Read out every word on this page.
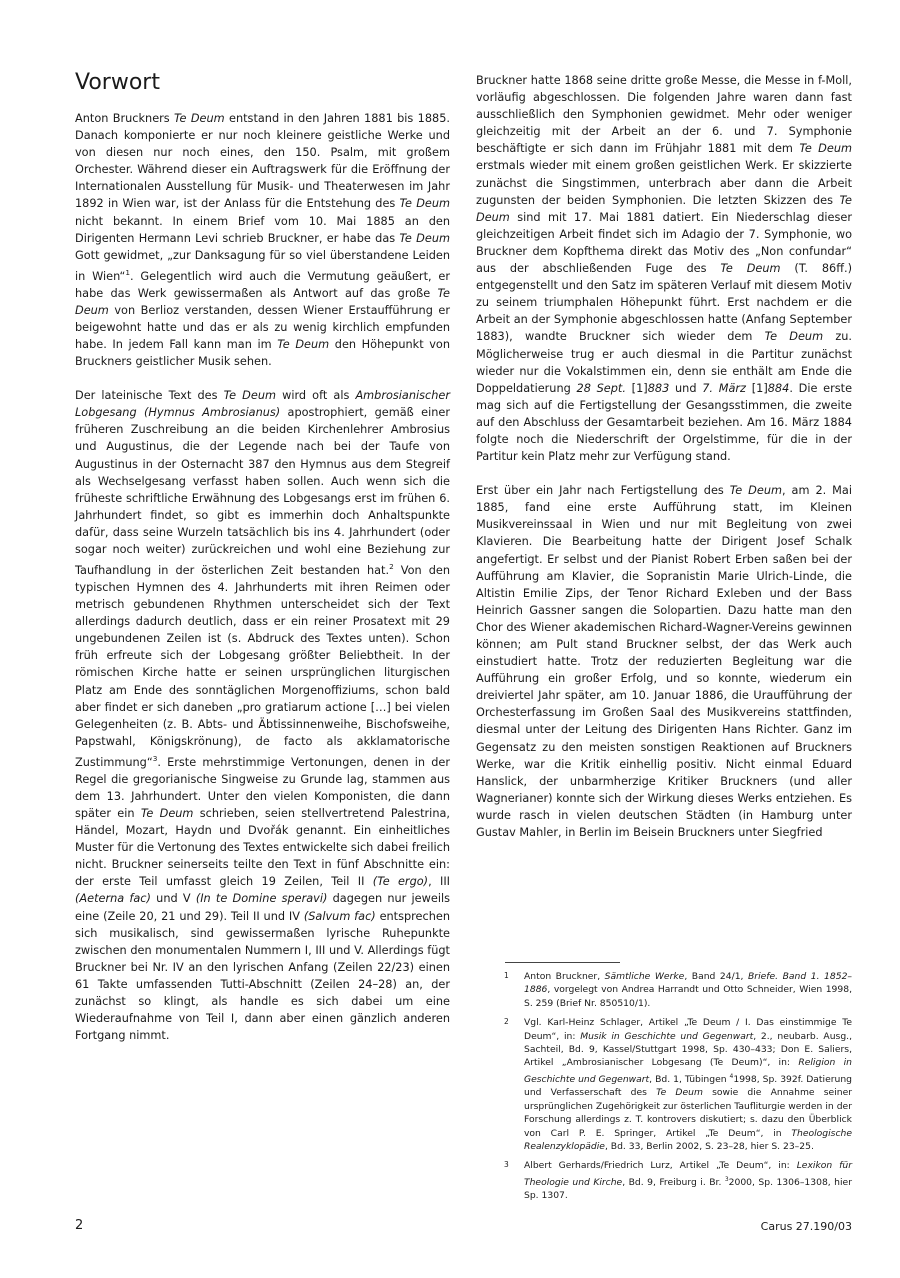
Vorwort

Anton Bruckners Te Deum entstand in den Jahren 1881 bis 1885. Danach komponierte er nur noch kleinere geistliche Werke und von diesen nur noch eines, den 150. Psalm, mit großem Orchester. Während dieser ein Auftragswerk für die Eröffnung der Internationalen Ausstellung für Musik- und Theaterwesen im Jahr 1892 in Wien war, ist der Anlass für die Entstehung des Te Deum nicht bekannt. In einem Brief vom 10. Mai 1885 an den Dirigenten Hermann Levi schrieb Bruckner, er habe das Te Deum Gott gewidmet, „zur Danksagung für so viel überstandene Leiden in Wien“$^1$. Gelegentlich wird auch die Vermutung geäußert, er habe das Werk gewissermaßen als Antwort auf das große Te Deum von Berlioz verstanden, dessen Wiener Erstaufführung er beigewohnt hatte und das er als zu wenig kirchlich empfunden habe. In jedem Fall kann man im Te Deum den Höhepunkt von Bruckners geistlicher Musik sehen.

Der lateinische Text des Te Deum wird oft als Ambrosianischer Lobgesang (Hymnus Ambrosianus) apostrophiert, gemäß einer früheren Zuschreibung an die beiden Kirchenlehrer Ambrosius und Augustinus, die der Legende nach bei der Taufe von Augustinus in der Osternacht 387 den Hymnus aus dem Stegreif als Wechselgesang verfasst haben sollen. Auch wenn sich die früheste schriftliche Erwähnung des Lobgesangs erst im frühen 6. Jahrhundert findet, so gibt es immerhin doch Anhaltspunkte dafür, dass seine Wurzeln tatsächlich bis ins 4. Jahrhundert (oder sogar noch weiter) zurückreichen und wohl eine Beziehung zur Taufhandlung in der österlichen Zeit bestanden hat.$^2$ Von den typischen Hymnen des 4. Jahrhunderts mit ihren Reimen oder metrisch gebundenen Rhythmen unterscheidet sich der Text allerdings dadurch deutlich, dass er ein reiner Prosatext mit 29 ungebundenen Zeilen ist (s. Abdruck des Textes unten). Schon früh erfreute sich der Lobgesang größter Beliebtheit. In der römischen Kirche hatte er seinen ursprünglichen liturgischen Platz am Ende des sonntäglichen Morgenoffiziums, schon bald aber findet er sich daneben „pro gratiarum actione […] bei vielen Gelegenheiten (z. B. Abts- und Äbtissinnenweihe, Bischofsweihe, Papstwahl, Königskrönung), de facto als akklamatorische Zustimmung“$^3$. Erste mehrstimmige Vertonungen, denen in der Regel die gregorianische Singweise zu Grunde lag, stammen aus dem 13. Jahrhundert. Unter den vielen Komponisten, die dann später ein Te Deum schrieben, seien stellvertretend Palestrina, Händel, Mozart, Haydn und Dvořák genannt. Ein einheitliches Muster für die Vertonung des Textes entwickelte sich dabei freilich nicht. Bruckner seinerseits teilte den Text in fünf Abschnitte ein: der erste Teil umfasst gleich 19 Zeilen, Teil II (Te ergo), III (Aeterna fac) und V (In te Domine speravi) dagegen nur jeweils eine (Zeile 20, 21 und 29). Teil II und IV (Salvum fac) entsprechen sich musikalisch, sind gewissermaßen lyrische Ruhepunkte zwischen den monumentalen Nummern I, III und V. Allerdings fügt Bruckner bei Nr. IV an den lyrischen Anfang (Zeilen 22/23) einen 61 Takte umfassenden Tutti-Abschnitt (Zeilen 24–28) an, der zunächst so klingt, als handle es sich dabei um eine Wiederaufnahme von Teil I, dann aber einen gänzlich anderen Fortgang nimmt.

Bruckner hatte 1868 seine dritte große Messe, die Messe in f-Moll, vorläufig abgeschlossen. Die folgenden Jahre waren dann fast ausschließlich den Symphonien gewidmet. Mehr oder weniger gleichzeitig mit der Arbeit an der 6. und 7. Symphonie beschäftigte er sich dann im Frühjahr 1881 mit dem Te Deum erstmals wieder mit einem großen geistlichen Werk. Er skizzierte zunächst die Singstimmen, unterbrach aber dann die Arbeit zugunsten der beiden Symphonien. Die letzten Skizzen des Te Deum sind mit 17. Mai 1881 datiert. Ein Niederschlag dieser gleichzeitigen Arbeit findet sich im Adagio der 7. Symphonie, wo Bruckner dem Kopfthema direkt das Motiv des „Non confundar“ aus der abschließenden Fuge des Te Deum (T. 86ff.) entgegenstellt und den Satz im späteren Verlauf mit diesem Motiv zu seinem triumphalen Höhepunkt führt. Erst nachdem er die Arbeit an der Symphonie abgeschlossen hatte (Anfang September 1883), wandte Bruckner sich wieder dem Te Deum zu. Möglicherweise trug er auch diesmal in die Partitur zunächst wieder nur die Vokalstimmen ein, denn sie enthält am Ende die Doppeldatierung 28 Sept. [1]883 und 7. März [1]884. Die erste mag sich auf die Fertigstellung der Gesangsstimmen, die zweite auf den Abschluss der Gesamtarbeit beziehen. Am 16. März 1884 folgte noch die Niederschrift der Orgelstimme, für die in der Partitur kein Platz mehr zur Verfügung stand.

Erst über ein Jahr nach Fertigstellung des Te Deum, am 2. Mai 1885, fand eine erste Aufführung statt, im Kleinen Musikvereinssaal in Wien und nur mit Begleitung von zwei Klavieren. Die Bearbeitung hatte der Dirigent Josef Schalk angefertigt. Er selbst und der Pianist Robert Erben saßen bei der Aufführung am Klavier, die Sopranistin Marie Ulrich-Linde, die Altistin Emilie Zips, der Tenor Richard Exleben und der Bass Heinrich Gassner sangen die Solopartien. Dazu hatte man den Chor des Wiener akademischen Richard-Wagner-Vereins gewinnen können; am Pult stand Bruckner selbst, der das Werk auch einstudiert hatte. Trotz der reduzierten Begleitung war die Aufführung ein großer Erfolg, und so konnte, wiederum ein dreiviertel Jahr später, am 10. Januar 1886, die Uraufführung der Orchesterfassung im Großen Saal des Musikvereins stattfinden, diesmal unter der Leitung des Dirigenten Hans Richter. Ganz im Gegensatz zu den meisten sonstigen Reaktionen auf Bruckners Werke, war die Kritik einhellig positiv. Nicht einmal Eduard Hanslick, der unbarmherzige Kritiker Bruckners (und aller Wagnerianer) konnte sich der Wirkung dieses Werks entziehen. Es wurde rasch in vielen deutschen Städten (in Hamburg unter Gustav Mahler, in Berlin im Beisein Bruckners unter Siegfried

1	Anton Bruckner, Sämtliche Werke, Band 24/1, Briefe. Band 1. 1852–1886, vorgelegt von Andrea Harrandt und Otto Schneider, Wien 1998, S. 259 (Brief Nr. 850510/1).
2	Vgl. Karl-Heinz Schlager, Artikel „Te Deum / I. Das einstimmige Te Deum“, in: Musik in Geschichte und Gegenwart, 2., neubarb. Ausg., Sachteil, Bd. 9, Kassel/Stuttgart 1998, Sp. 430–433; Don E. Saliers, Artikel „Ambrosianischer Lobgesang (Te Deum)“, in: Religion in Geschichte und Gegenwart, Bd. 1, Tübingen $^4$1998, Sp. 392f. Datierung und Verfasserschaft des Te Deum sowie die Annahme seiner ursprünglichen Zugehörigkeit zur österlichen Taufliturgie werden in der Forschung allerdings z. T. kontrovers diskutiert; s. dazu den Überblick von Carl P. E. Springer, Artikel „Te Deum“, in Theologische Realenzyklopädie, Bd. 33, Berlin 2002, S. 23–28, hier S. 23–25.
3	Albert Gerhards/Friedrich Lurz, Artikel „Te Deum“, in: Lexikon für Theologie und Kirche, Bd. 9, Freiburg i. Br. $^3$2000, Sp. 1306–1308, hier Sp. 1307.
2	Carus 27.190/03
